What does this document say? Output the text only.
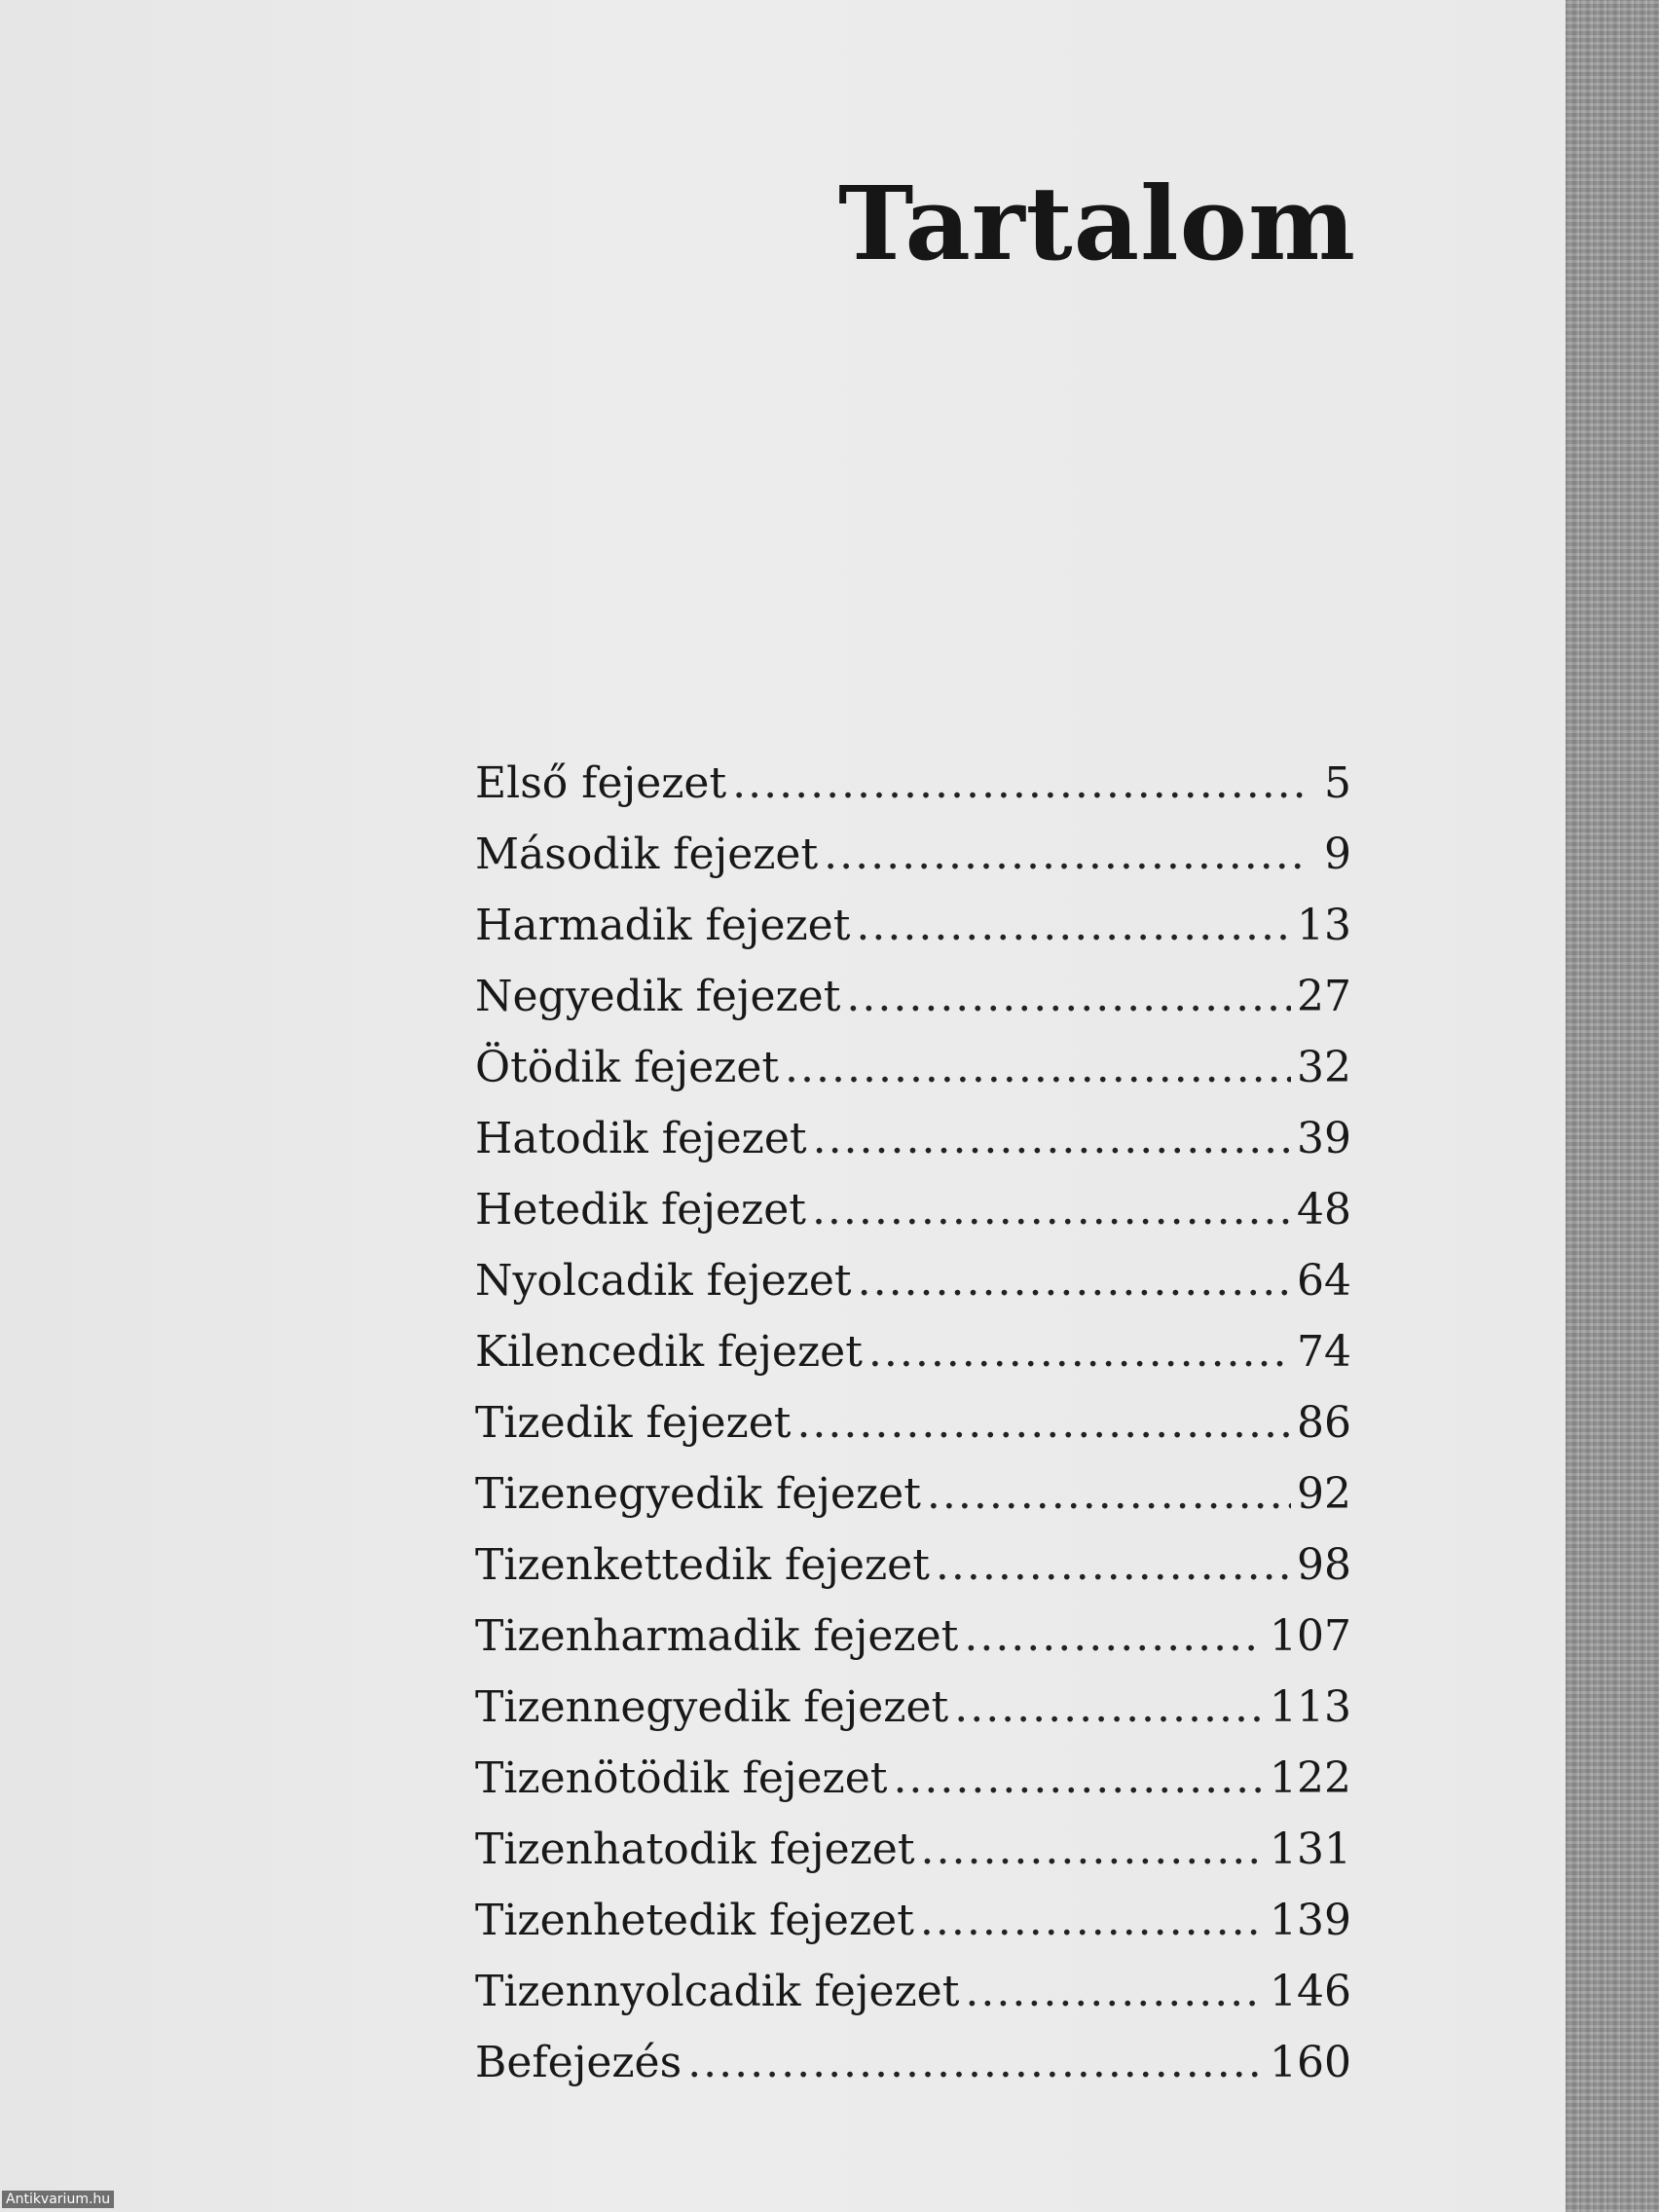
Tartalom
Első fejezet .....	5
Második fejezet .....	9
Harmadik fejezet .....	13
Negyedik fejezet .....	27
Ötödik fejezet .....	32
Hatodik fejezet .....	39
Hetedik fejezet .....	48
Nyolcadik fejezet .....	64
Kilencedik fejezet .....	74
Tizedik fejezet .....	86
Tizenegyedik fejezet .....	92
Tizenkettedik fejezet .....	98
Tizenharmadik fejezet .....	107
Tizennegyedik fejezet .....	113
Tizenötödik fejezet .....	122
Tizenhatodik fejezet .....	131
Tizenhetedik fejezet .....	139
Tizennyolcadik fejezet .....	146
Befejezés .....	160
Antikvarium.hu
